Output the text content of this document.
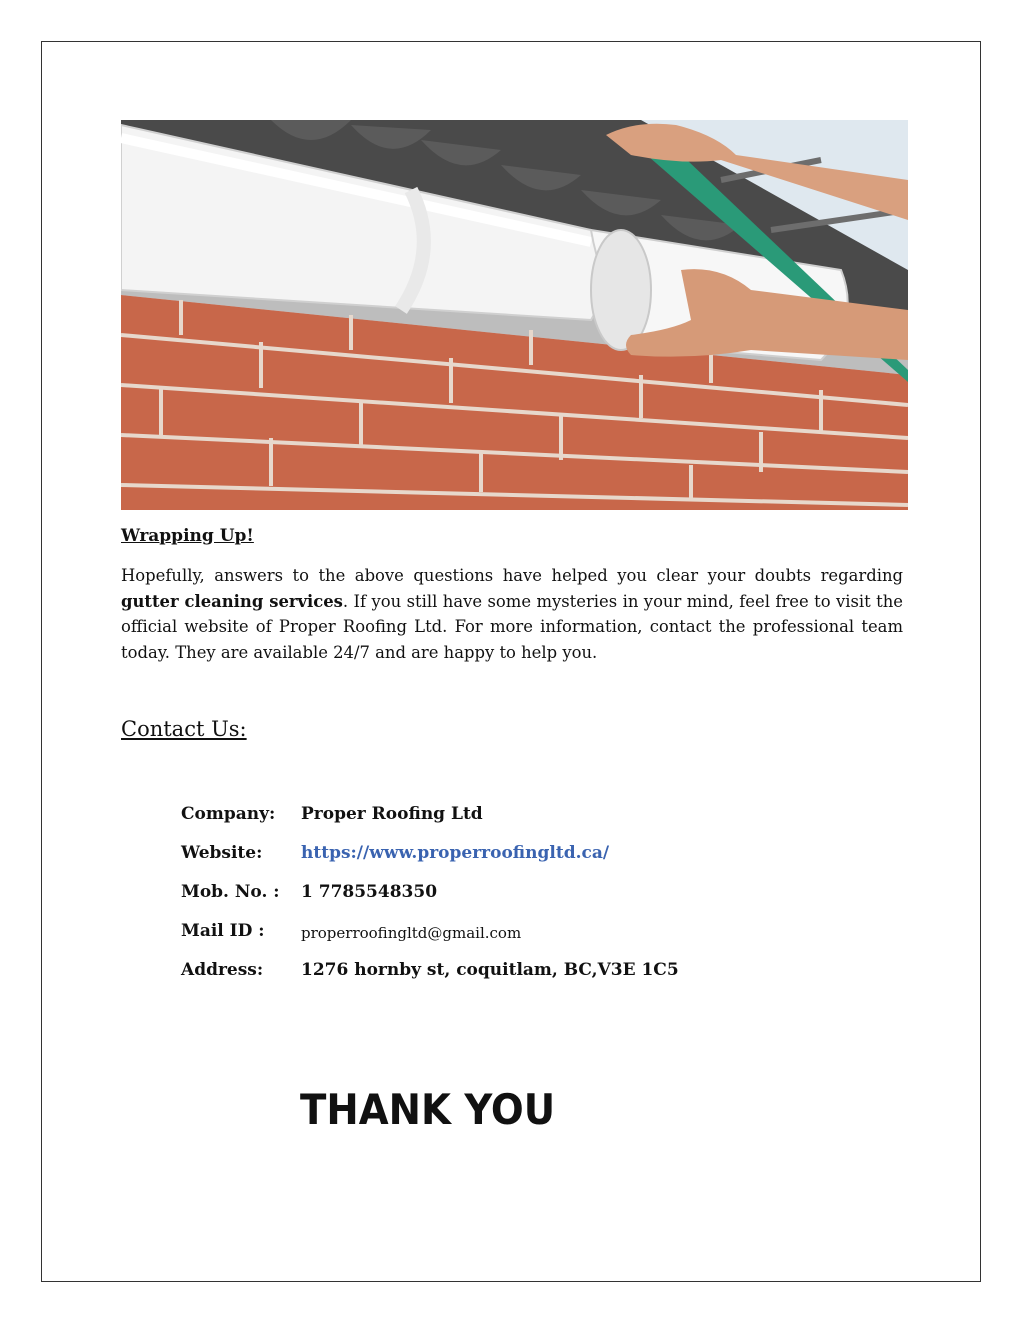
Wrapping Up!

Hopefully, answers to the above questions have helped you clear your doubts regarding gutter cleaning services. If you still have some mysteries in your mind, feel free to visit the official website of Proper Roofing Ltd. For more information, contact the professional team today. They are available 24/7 and are happy to help you.

Contact Us:
Company: Proper Roofing Ltd
Website: https://www.properroofingltd.ca/
Mob. No. : 1 7785548350
Mail ID : properroofingltd@gmail.com
Address: 1276 hornby st, coquitlam, BC,V3E 1C5
THANK YOU
